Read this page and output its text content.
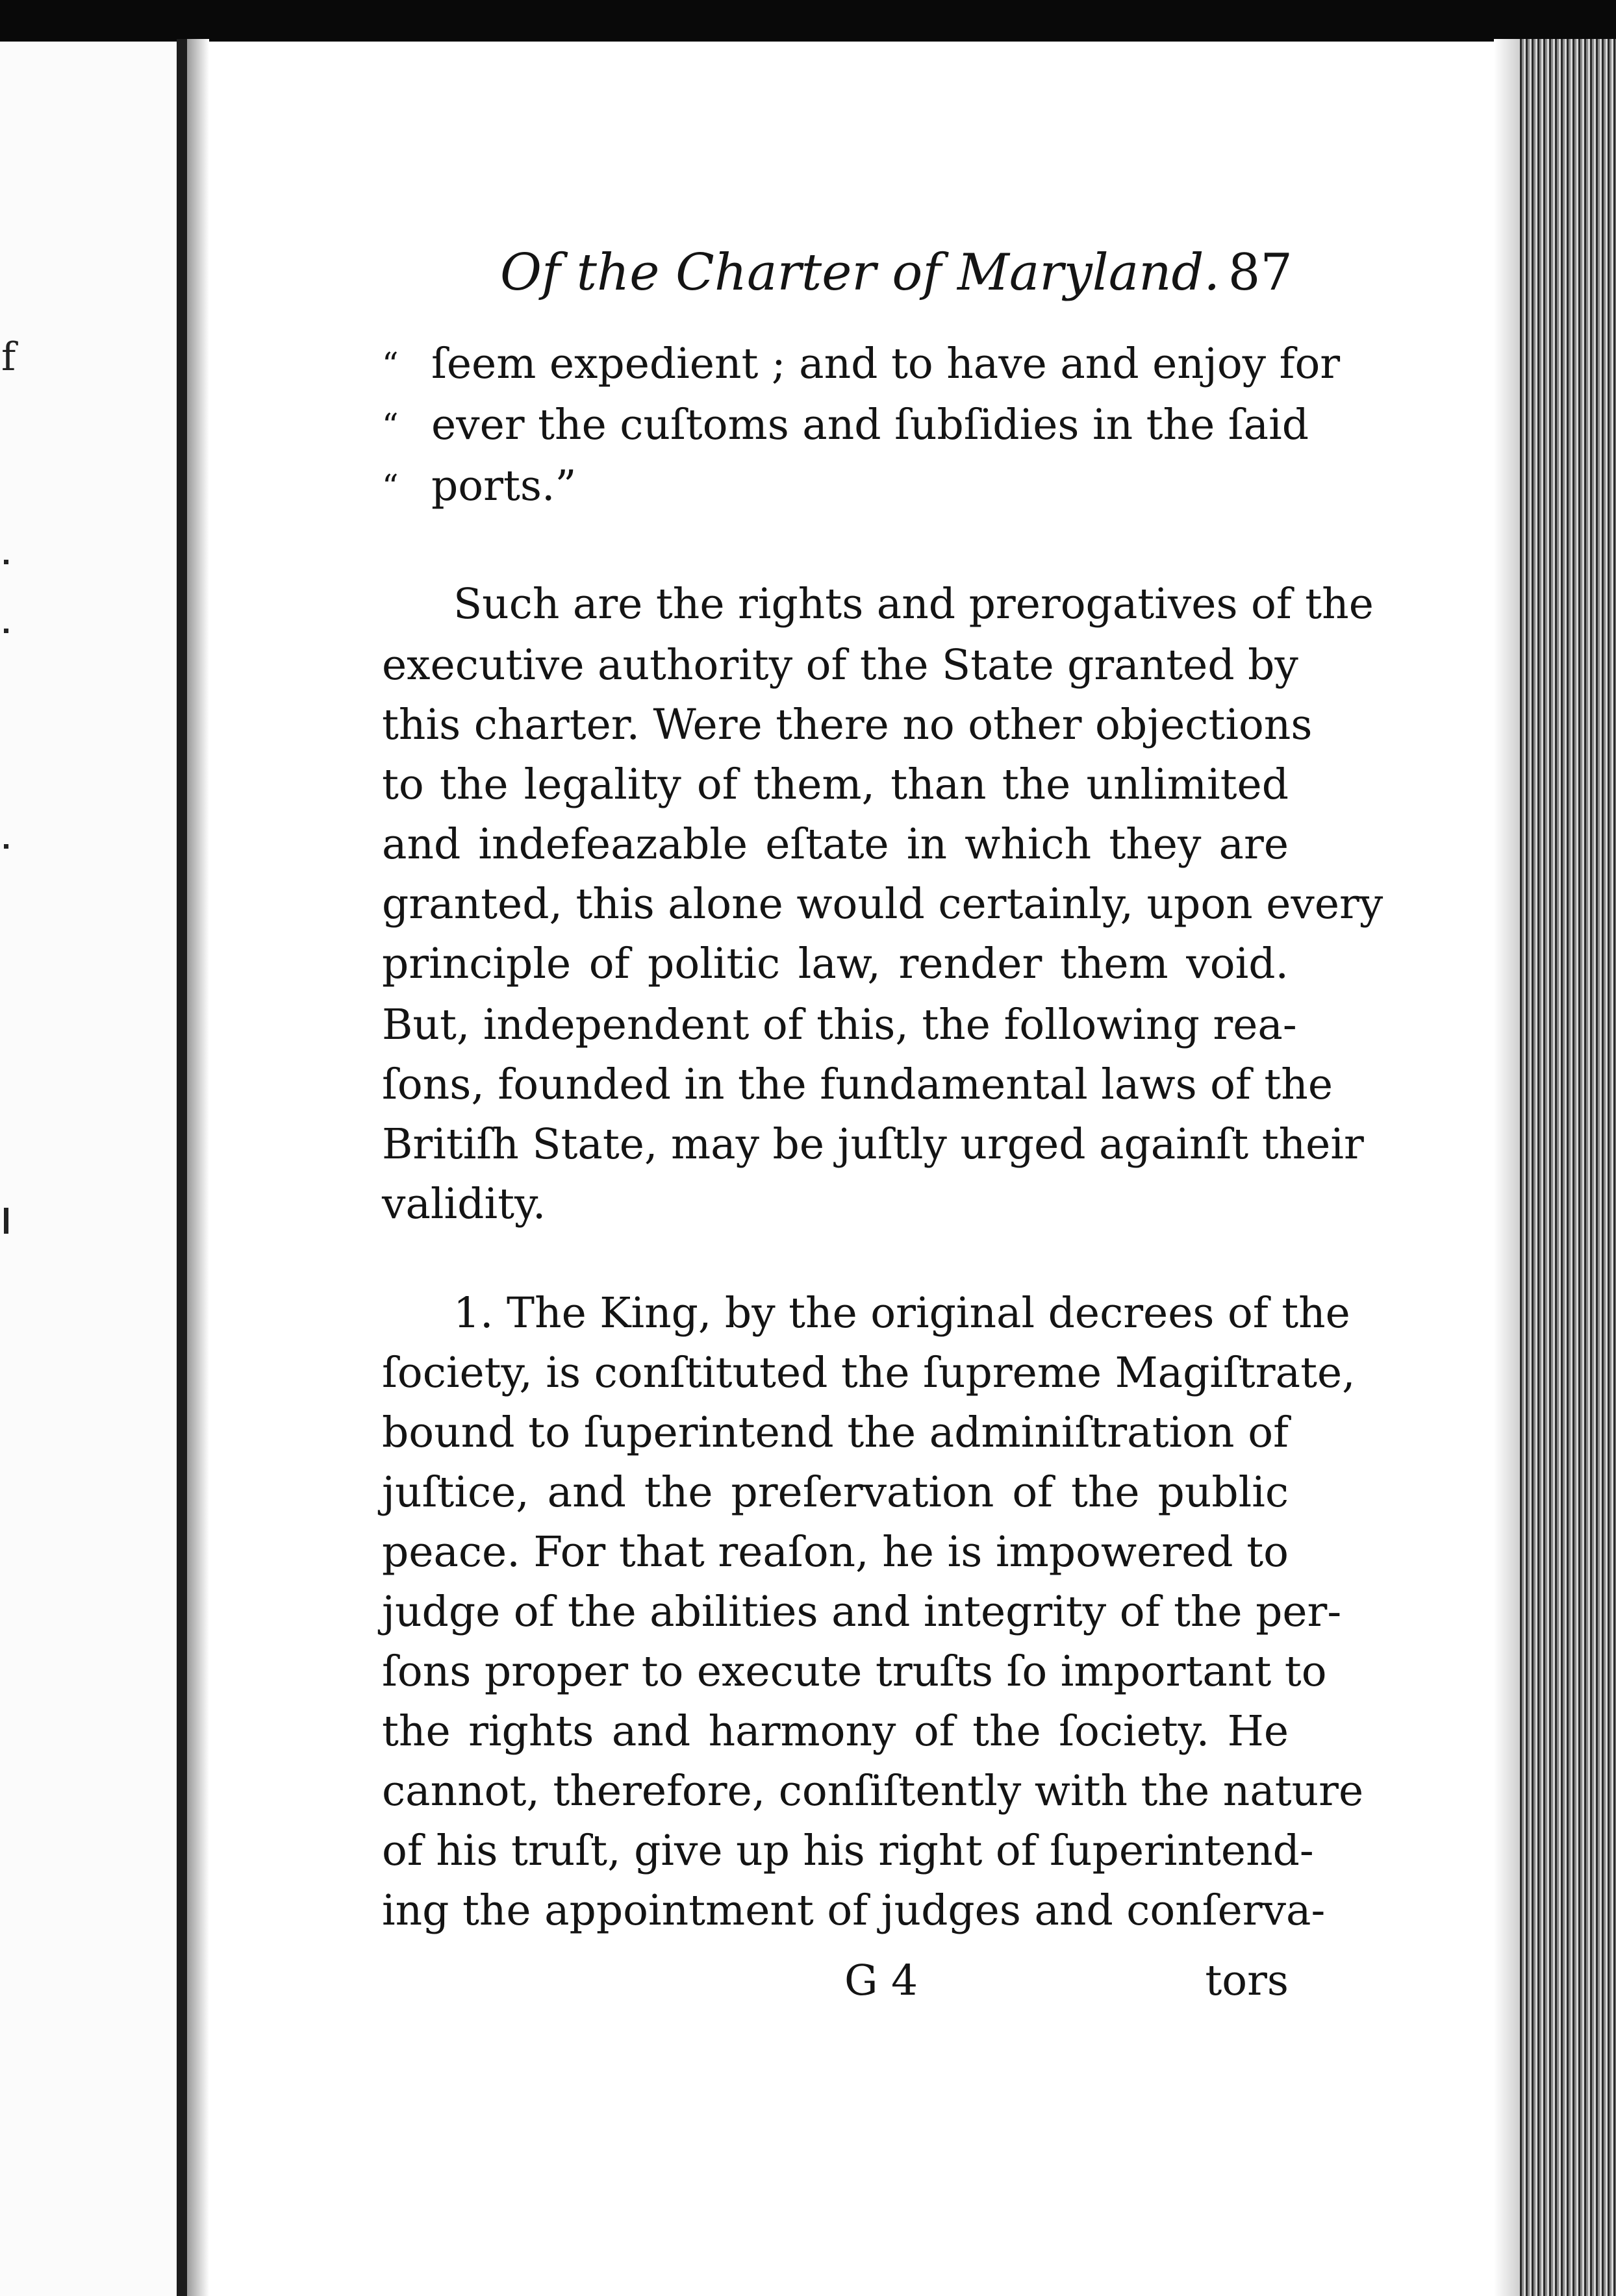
f
Of the Charter of Maryland. 87
“ ſeem expedient ; and to have and enjoy for
“ ever the cuſtoms and ſubſidies in the ſaid
“ ports.”
Such are the rights and prerogatives of the
executive authority of the State granted by
this charter. Were there no other objections
to the legality of them, than the unlimited
and indefeazable eſtate in which they are
granted, this alone would certainly, upon every
principle of politic law, render them void.
But, independent of this, the following rea-
ſons, founded in the fundamental laws of the
Britiſh State, may be juſtly urged againſt their
validity.
1. The King, by the original decrees of the
ſociety, is conſtituted the ſupreme Magiſtrate,
bound to ſuperintend the adminiſtration of
juſtice, and the preſervation of the public
peace. For that reaſon, he is impowered to
judge of the abilities and integrity of the per-
ſons proper to execute truſts ſo important to
the rights and harmony of the ſociety. He
cannot, therefore, conſiſtently with the nature
of his truſt, give up his right of ſuperintend-
ing the appointment of judges and conſerva-
G 4	tors
